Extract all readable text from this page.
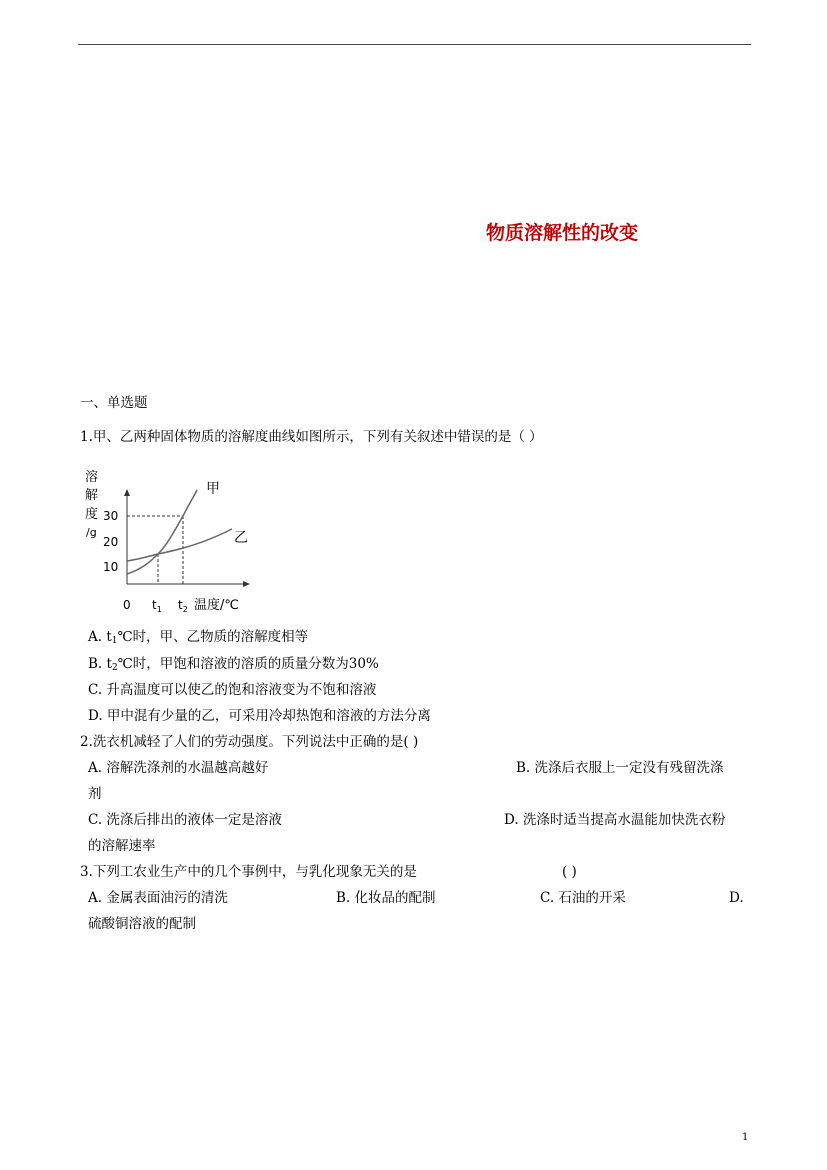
物质溶解性的改变
一、单选题
1.甲、乙两种固体物质的溶解度曲线如图所示，下列有关叙述中错误的是（ ）
溶
解
度
/g
30
20
10
0 $t_1$ $t_2$ 温度/℃
甲
乙
A. $t_1℃$时，甲、乙物质的溶解度相等
B. $t_2℃$时，甲饱和溶液的溶质的质量分数为30%
C. 升高温度可以使乙的饱和溶液变为不饱和溶液
D. 甲中混有少量的乙，可采用冷却热饱和溶液的方法分离
2.洗衣机减轻了人们的劳动强度。下列说法中正确的是( )
A. 溶解洗涤剂的水温越高越好	B. 洗涤后衣服上一定没有残留洗涤
剂
C. 洗涤后排出的液体一定是溶液	D. 洗涤时适当提高水温能加快洗衣粉
的溶解速率
3.下列工农业生产中的几个事例中，与乳化现象无关的是	( )
A. 金属表面油污的清洗	B. 化妆品的配制	C. 石油的开采	D.
硫酸铜溶液的配制
1
